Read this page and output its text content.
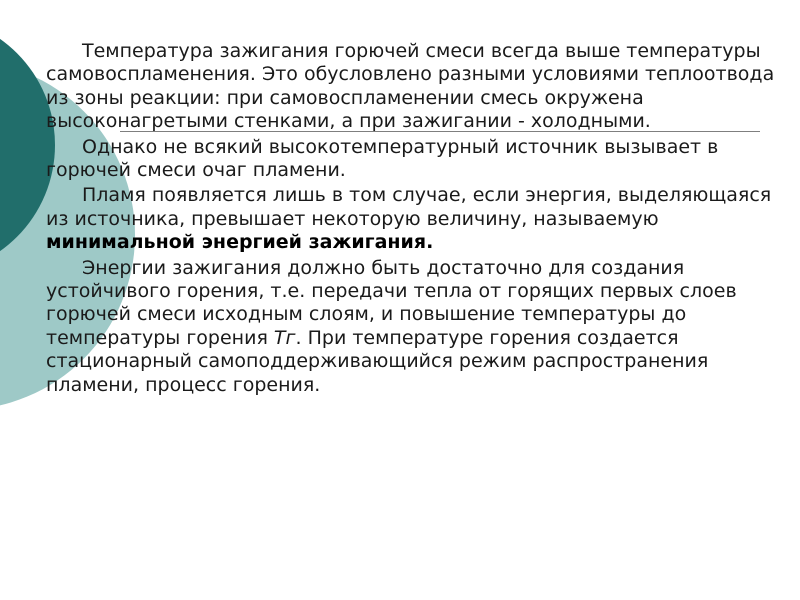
Температура зажигания горючей смеси всегда выше температуры самовоспламенения. Это обусловлено разными условиями теплоотвода из зоны реакции: при самовоспламенении смесь окружена высоконагретыми стенками, а при зажигании - холодными.

Однако не всякий высокотемпературный источник вызывает в горючей смеси очаг пламени.

Пламя появляется лишь в том случае, если энергия, выделяющаяся из источника, превышает некоторую величину, называемую минимальной энергией зажигания.

Энергии зажигания должно быть достаточно для создания устойчивого горения, т.е. передачи тепла от горящих первых слоев горючей смеси исходным слоям, и повышение температуры до температуры горения Тг. При температуре горения создается стационарный самоподдерживающийся режим распространения пламени, процесс горения.
